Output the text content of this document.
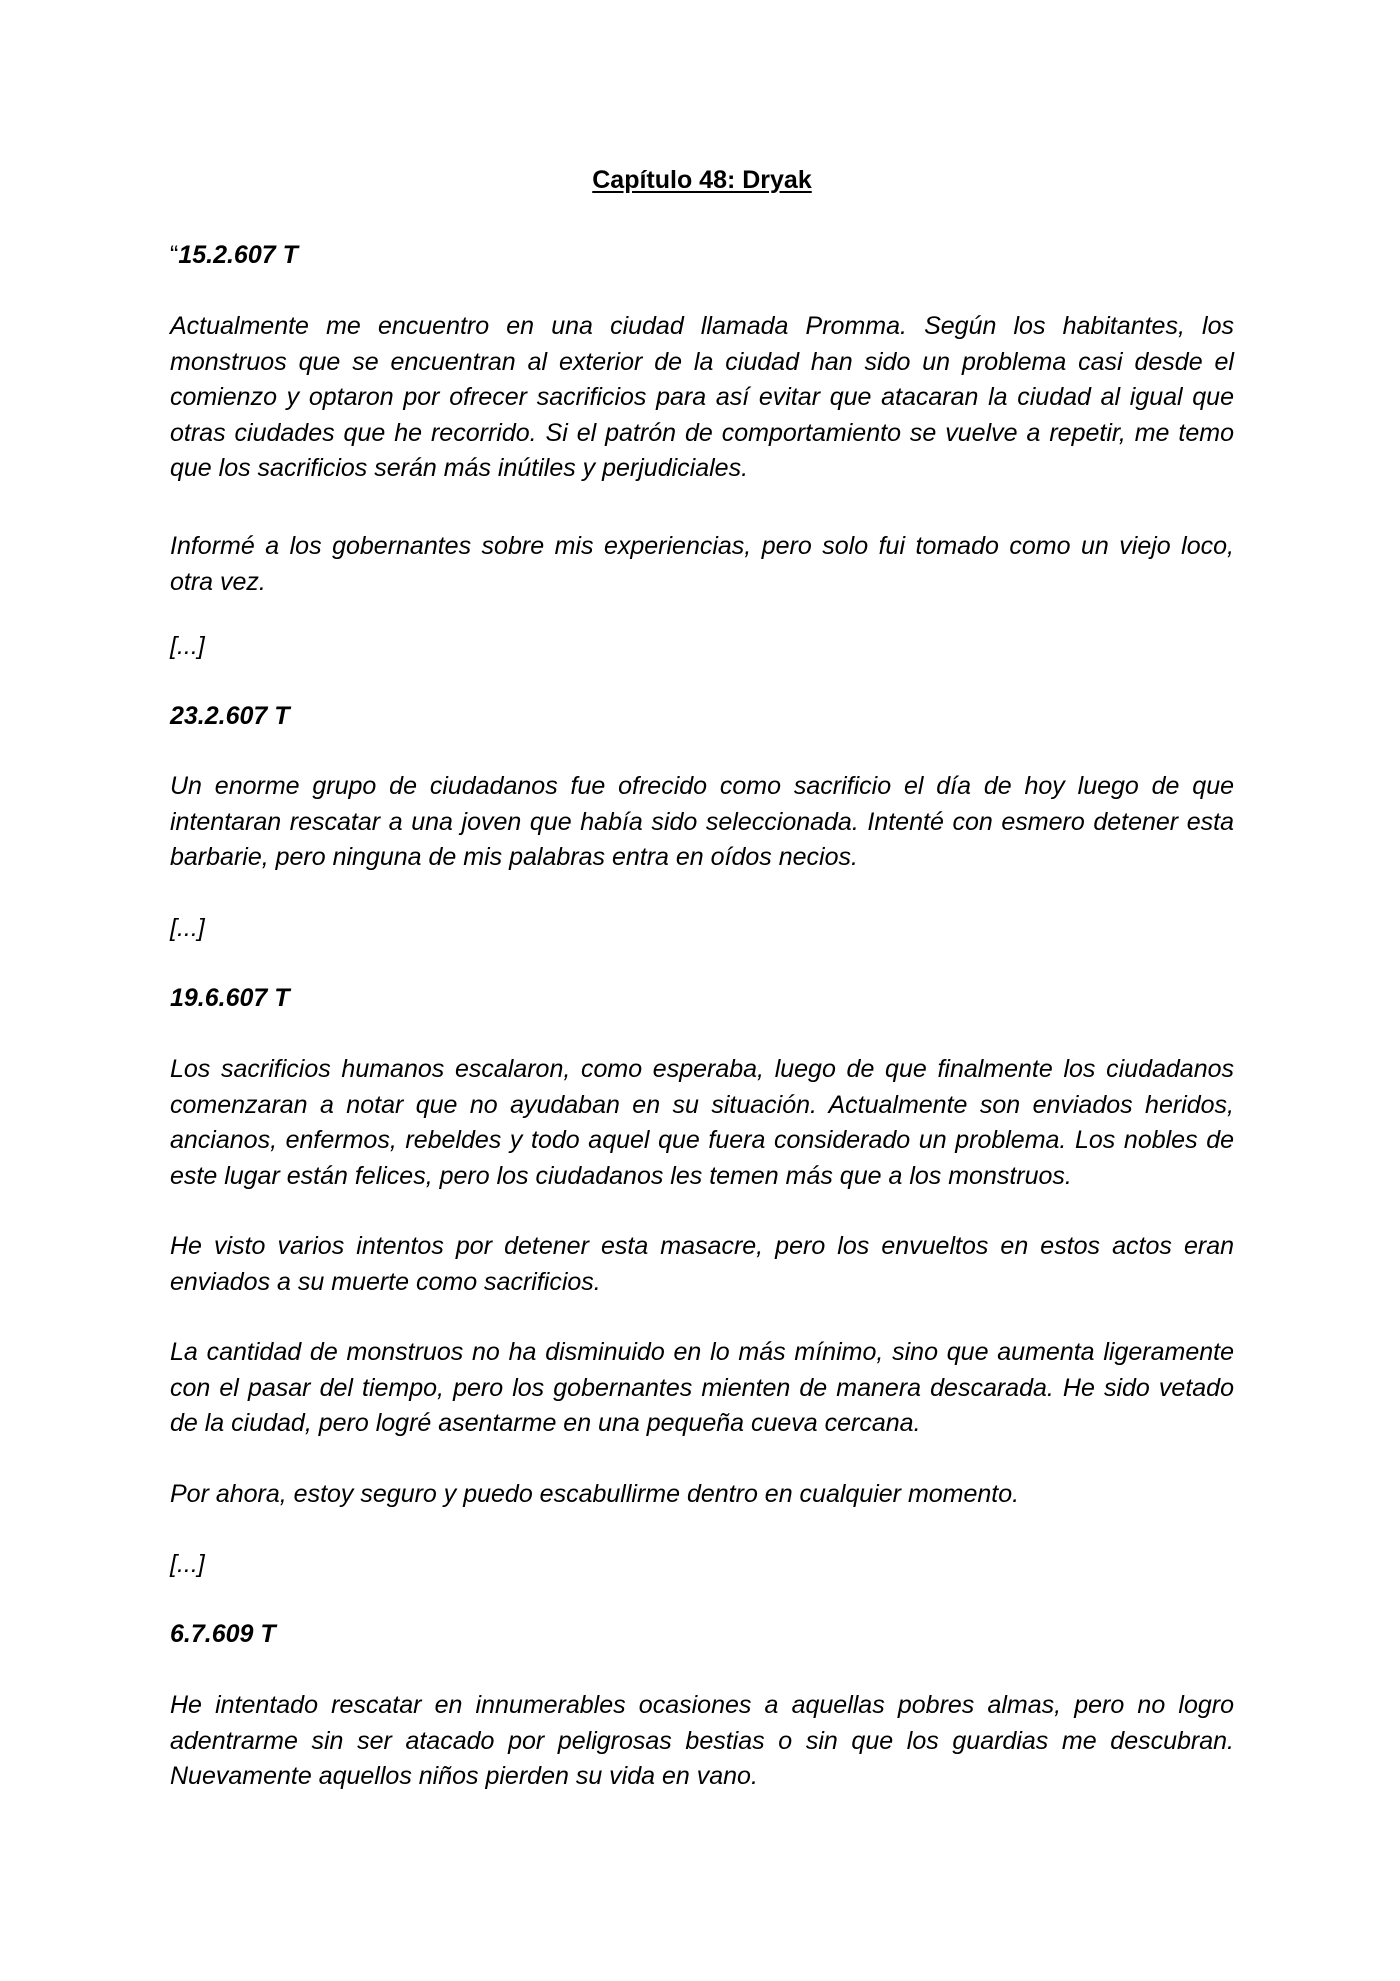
Capítulo 48: Dryak
“15.2.607 T
Actualmente me encuentro en una ciudad llamada Promma. Según los habitantes, los monstruos que se encuentran al exterior de la ciudad han sido un problema casi desde el comienzo y optaron por ofrecer sacrificios para así evitar que atacaran la ciudad al igual que otras ciudades que he recorrido. Si el patrón de comportamiento se vuelve a repetir, me temo que los sacrificios serán más inútiles y perjudiciales.
Informé a los gobernantes sobre mis experiencias, pero solo fui tomado como un viejo loco, otra vez.
[...]
23.2.607 T
Un enorme grupo de ciudadanos fue ofrecido como sacrificio el día de hoy luego de que intentaran rescatar a una joven que había sido seleccionada. Intenté con esmero detener esta barbarie, pero ninguna de mis palabras entra en oídos necios.
[...]
19.6.607 T
Los sacrificios humanos escalaron, como esperaba, luego de que finalmente los ciudadanos comenzaran a notar que no ayudaban en su situación. Actualmente son enviados heridos, ancianos, enfermos, rebeldes y todo aquel que fuera considerado un problema. Los nobles de este lugar están felices, pero los ciudadanos les temen más que a los monstruos.
He visto varios intentos por detener esta masacre, pero los envueltos en estos actos eran enviados a su muerte como sacrificios.
La cantidad de monstruos no ha disminuido en lo más mínimo, sino que aumenta ligeramente con el pasar del tiempo, pero los gobernantes mienten de manera descarada. He sido vetado de la ciudad, pero logré asentarme en una pequeña cueva cercana.
Por ahora, estoy seguro y puedo escabullirme dentro en cualquier momento.
[...]
6.7.609 T
He intentado rescatar en innumerables ocasiones a aquellas pobres almas, pero no logro adentrarme sin ser atacado por peligrosas bestias o sin que los guardias me descubran. Nuevamente aquellos niños pierden su vida en vano.
